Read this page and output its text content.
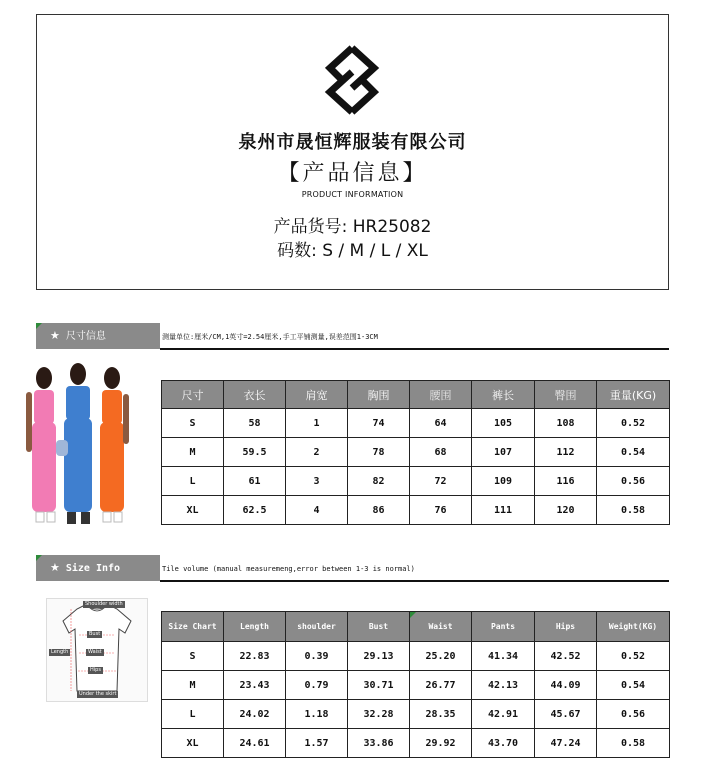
泉州市晟恒辉服装有限公司
【产品信息】
PRODUCT INFORMATION
产品货号: HR25082
码数: S / M / L / XL
★ 尺寸信息	测量单位:厘米/CM,1英寸=2.54厘米,手工平铺测量,误差范围1-3CM
尺寸	衣长	肩宽	胸围	腰围	裤长	臀围	重量(KG)
S	58	1	74	64	105	108	0.52
M	59.5	2	78	68	107	112	0.54
L	61	3	82	72	109	116	0.56
XL	62.5	4	86	76	111	120	0.58
★ Size Info	Tile volume (manual measuremeng,error between 1-3 is normal)
Shoulder width
Bust
Waist
Hips
Length
Under the skirt
Size Chart	Length	shoulder	Bust	Waist	Pants	Hips	Weight(KG)
S	22.83	0.39	29.13	25.20	41.34	42.52	0.52
M	23.43	0.79	30.71	26.77	42.13	44.09	0.54
L	24.02	1.18	32.28	28.35	42.91	45.67	0.56
XL	24.61	1.57	33.86	29.92	43.70	47.24	0.58
